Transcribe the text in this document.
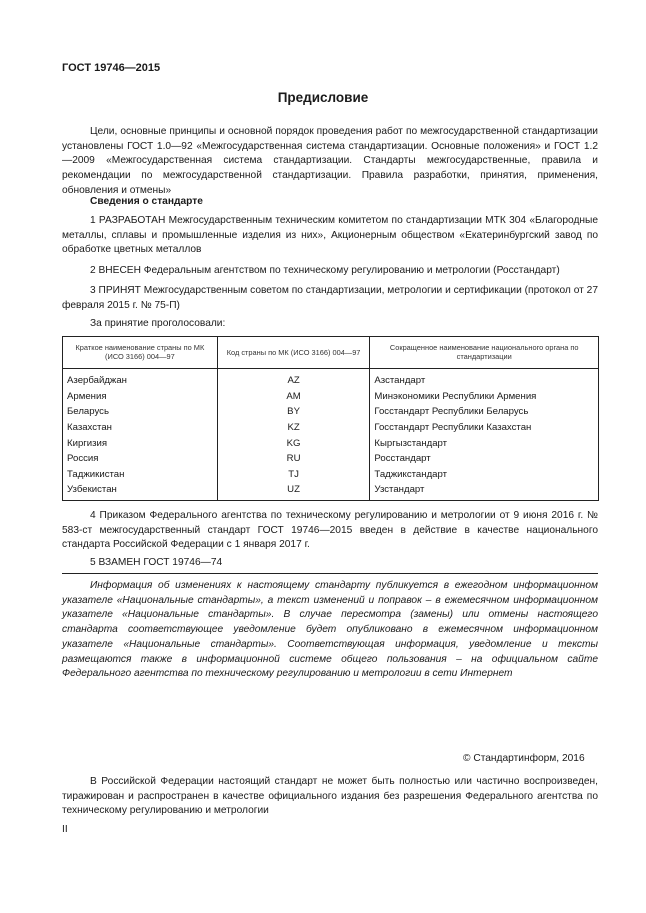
ГОСТ 19746—2015
Предисловие

Цели, основные принципы и основной порядок проведения работ по межгосударственной стандартизации установлены ГОСТ 1.0—92 «Межгосударственная система стандартизации. Основные положения» и ГОСТ 1.2—2009 «Межгосударственная система стандартизации. Стандарты межгосударственные, правила и рекомендации по межгосударственной стандартизации. Правила разработки, принятия, применения, обновления и отмены»

Сведения о стандарте

1 РАЗРАБОТАН Межгосударственным техническим комитетом по стандартизации МТК 304 «Благородные металлы, сплавы и промышленные изделия из них», Акционерным обществом «Екатеринбургский завод по обработке цветных металлов

2 ВНЕСЕН Федеральным агентством по техническому регулированию и метрологии (Росстандарт)

3 ПРИНЯТ Межгосударственным советом по стандартизации, метрологии и сертификации (протокол от 27 февраля 2015 г. № 75-П)

За принятие проголосовали:
Краткое наименование страны по МК (ИСО 3166) 004—97	Код страны по МК (ИСО 3166) 004—97	Сокращенное наименование национального органа по стандартизации
Азербайджан	AZ	Азстандарт
Армения	AM	Минэкономики Республики Армения
Беларусь	BY	Госстандарт Республики Беларусь
Казахстан	KZ	Госстандарт Республики Казахстан
Киргизия	KG	Кыргызстандарт
Россия	RU	Росстандарт
Таджикистан	TJ	Таджикстандарт
Узбекистан	UZ	Узстандарт

4 Приказом Федерального агентства по техническому регулированию и метрологии от 9 июня 2016 г. № 583-ст межгосударственный стандарт ГОСТ 19746—2015 введен в действие в качестве национального стандарта Российской Федерации с 1 января 2017 г.

5 ВЗАМЕН ГОСТ 19746—74

Информация об изменениях к настоящему стандарту публикуется в ежегодном информационном указателе «Национальные стандарты», а текст изменений и поправок – в ежемесячном информационном указателе «Национальные стандарты». В случае пересмотра (замены) или отмены настоящего стандарта соответствующее уведомление будет опубликовано в ежемесячном информационном указателе «Национальные стандарты». Соответствующая информация, уведомление и тексты размещаются также в информационной системе общего пользования – на официальном сайте Федерального агентства по техническому регулированию и метрологии в сети Интернет

© Стандартинформ, 2016

В Российской Федерации настоящий стандарт не может быть полностью или частично воспроизведен, тиражирован и распространен в качестве официального издания без разрешения Федерального агентства по техническому регулированию и метрологии

II
